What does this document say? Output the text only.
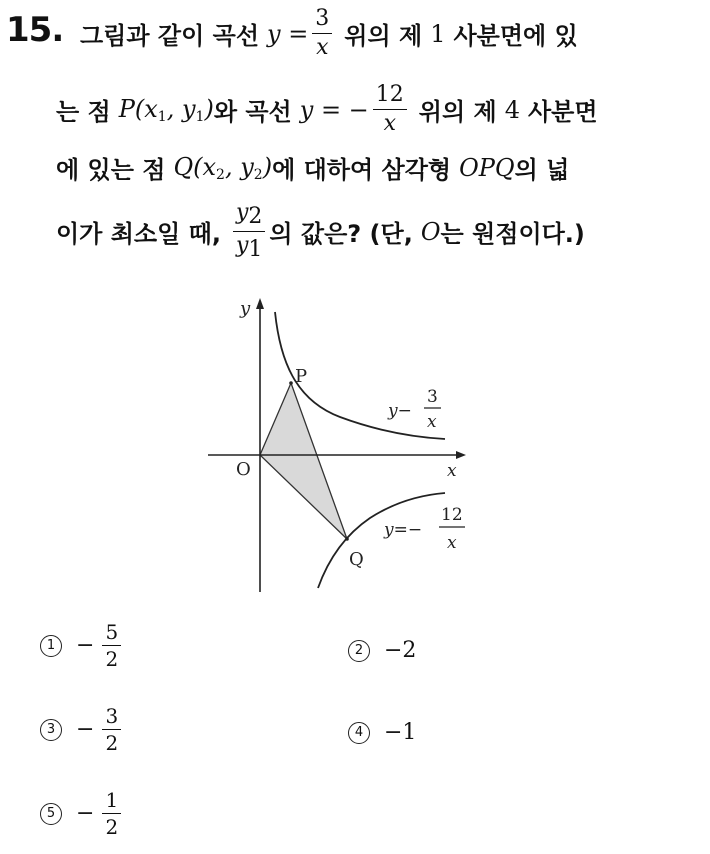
15. 그림과 같이 곡선 $y = \frac{3}{x}$ 위의 제 1 사분면에 있
는 점 $P(x_1$, $y_1$) 와 곡선 y = − $\frac{12}{x}$ 위의 제 4 사분면
에 있는 점 $Q(x_2$, $y_2$) 에 대하여 삼각형 OPQ 의 넓
이가 최소일 때, $\frac{y2}{y1}$ 의 값은? (단, O 는 원점이다.)
y
x
O
P
Q
y−
3
x
y=−
12
x
$1 - \frac{5}{2}$	2 −2
$3 - \frac{3}{2}$	4 −1
$5 - \frac{1}{2}$
